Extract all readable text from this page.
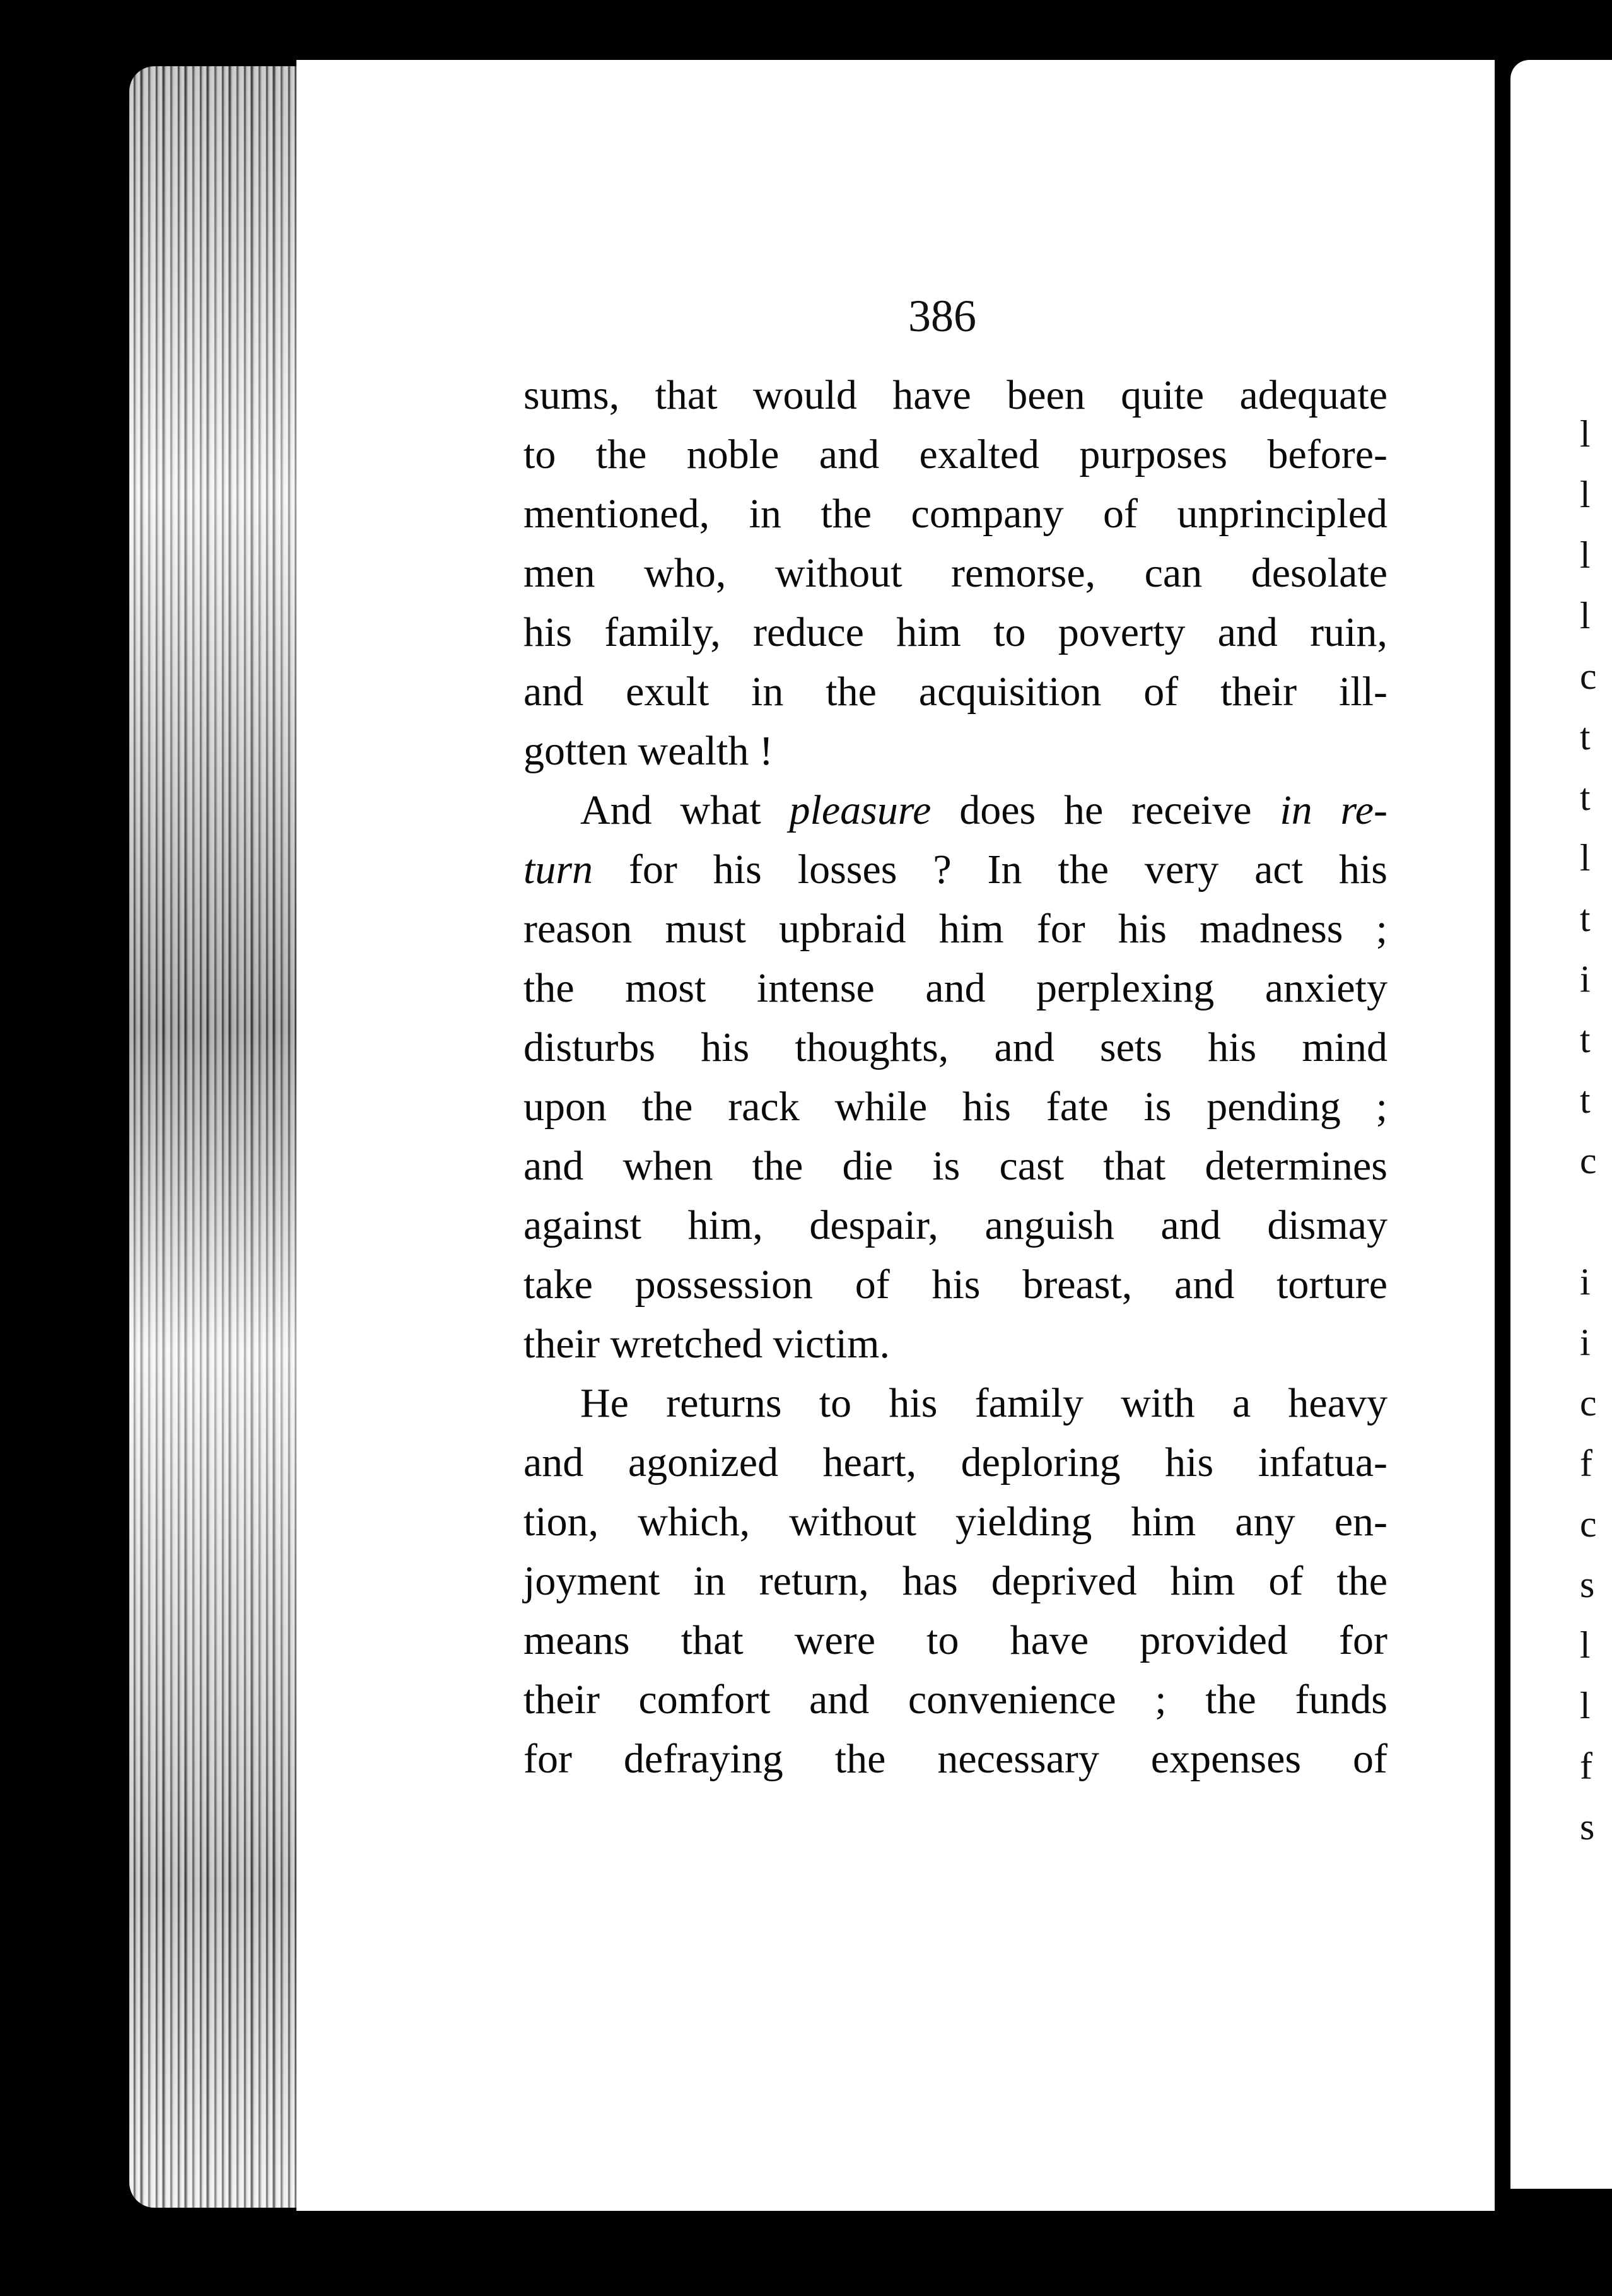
l
l
l
l
c
t
t
l
t
i
t
t
c

i
i
c
f
c
s
l
l
f
s
386
sums, that would have been quite adequate
to the noble and exalted purposes before-
mentioned, in the company of unprincipled
men who, without remorse, can desolate
his family, reduce him to poverty and ruin,
and exult in the acquisition of their ill-
gotten wealth !
And what pleasure does he receive in re-
turn for his losses ? In the very act his
reason must upbraid him for his madness ;
the most intense and perplexing anxiety
disturbs his thoughts, and sets his mind
upon the rack while his fate is pending ;
and when the die is cast that determines
against him, despair, anguish and dismay
take possession of his breast, and torture
their wretched victim.
He returns to his family with a heavy
and agonized heart, deploring his infatua-
tion, which, without yielding him any en-
joyment in return, has deprived him of the
means that were to have provided for
their comfort and convenience ; the funds
for defraying the necessary expenses of
